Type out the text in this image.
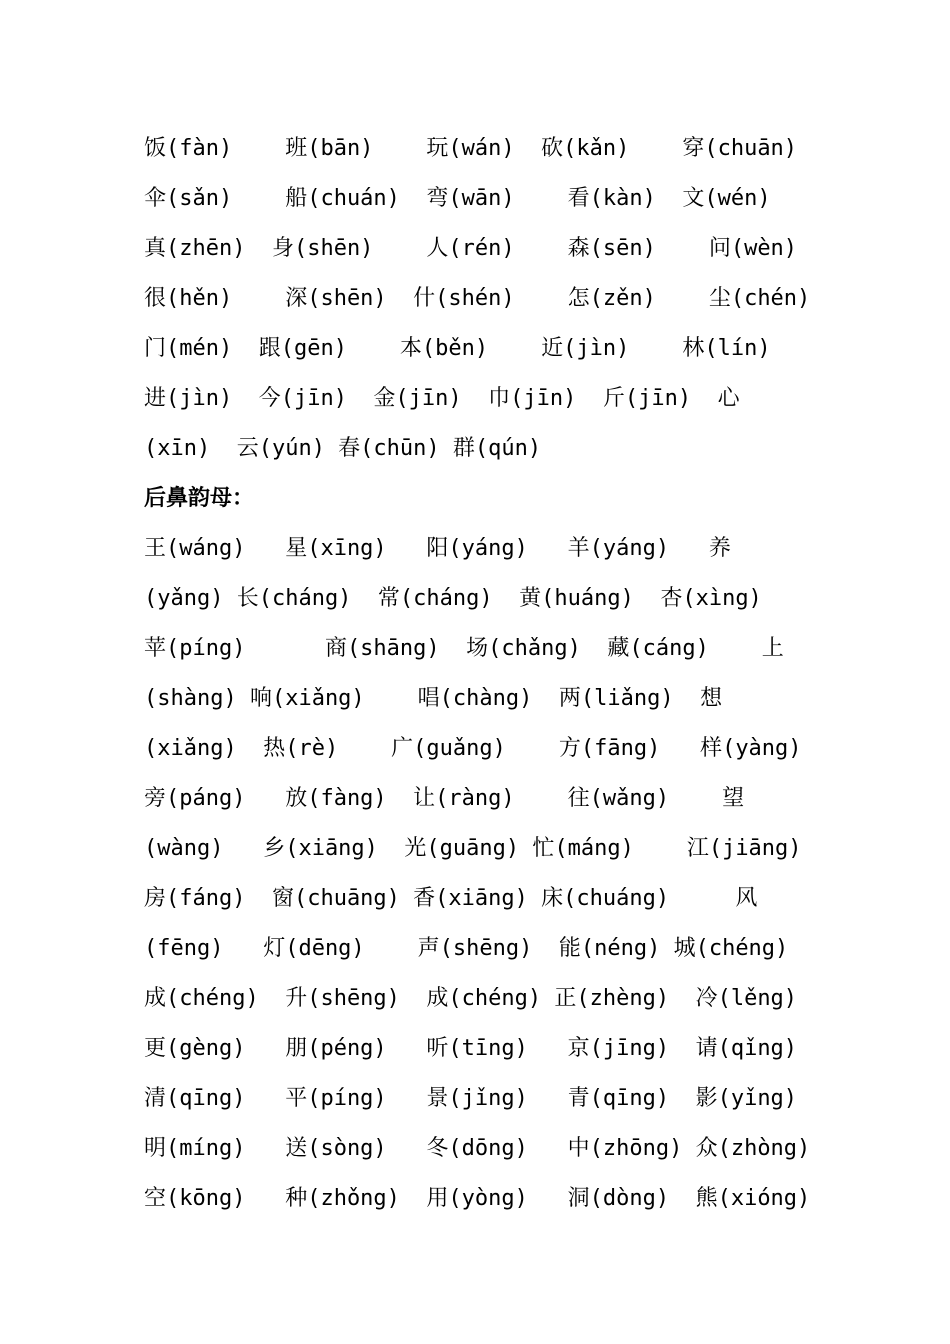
饭(fàn)    班(bān)    玩(wán)  砍(kǎn)    穿(chuān)
伞(sǎn)    船(chuán)  弯(wān)    看(kàn)  文(wén)
真(zhēn)  身(shēn)    人(rén)    森(sēn)    问(wèn)
很(hěn)    深(shēn)  什(shén)    怎(zěn)    尘(chén)
门(mén)  跟(gēn)    本(běn)    近(jìn)    林(lín)
进(jìn)  今(jīn)  金(jīn)  巾(jīn)  斤(jīn)  心
(xīn)  云(yún) 春(chūn) 群(qún)
后鼻韵母：
王(wáng)   星(xīng)   阳(yáng)   羊(yáng)   养
(yǎng) 长(cháng)  常(cháng)  黄(huáng)  杏(xìng)
苹(píng)      商(shāng)  场(chǎng)  藏(cáng)    上
(shàng) 响(xiǎng)    唱(chàng)  两(liǎng)  想
(xiǎng)  热(rè)    广(guǎng)    方(fāng)   样(yàng)
旁(páng)   放(fàng)  让(ràng)    往(wǎng)    望
(wàng)   乡(xiāng)  光(guāng) 忙(máng)    江(jiāng)
房(fáng)  窗(chuāng) 香(xiāng) 床(chuáng)     风
(fēng)   灯(dēng)    声(shēng)  能(néng) 城(chéng)
成(chéng)  升(shēng)  成(chéng) 正(zhèng)  冷(lěng)
更(gèng)   朋(péng)   听(tīng)   京(jīng)  请(qǐng)
清(qīng)   平(píng)   景(jǐng)   青(qīng)  影(yǐng)
明(míng)   送(sòng)   冬(dōng)   中(zhōng) 众(zhòng)
空(kōng)   种(zhǒng)  用(yòng)   洞(dòng)  熊(xióng)
